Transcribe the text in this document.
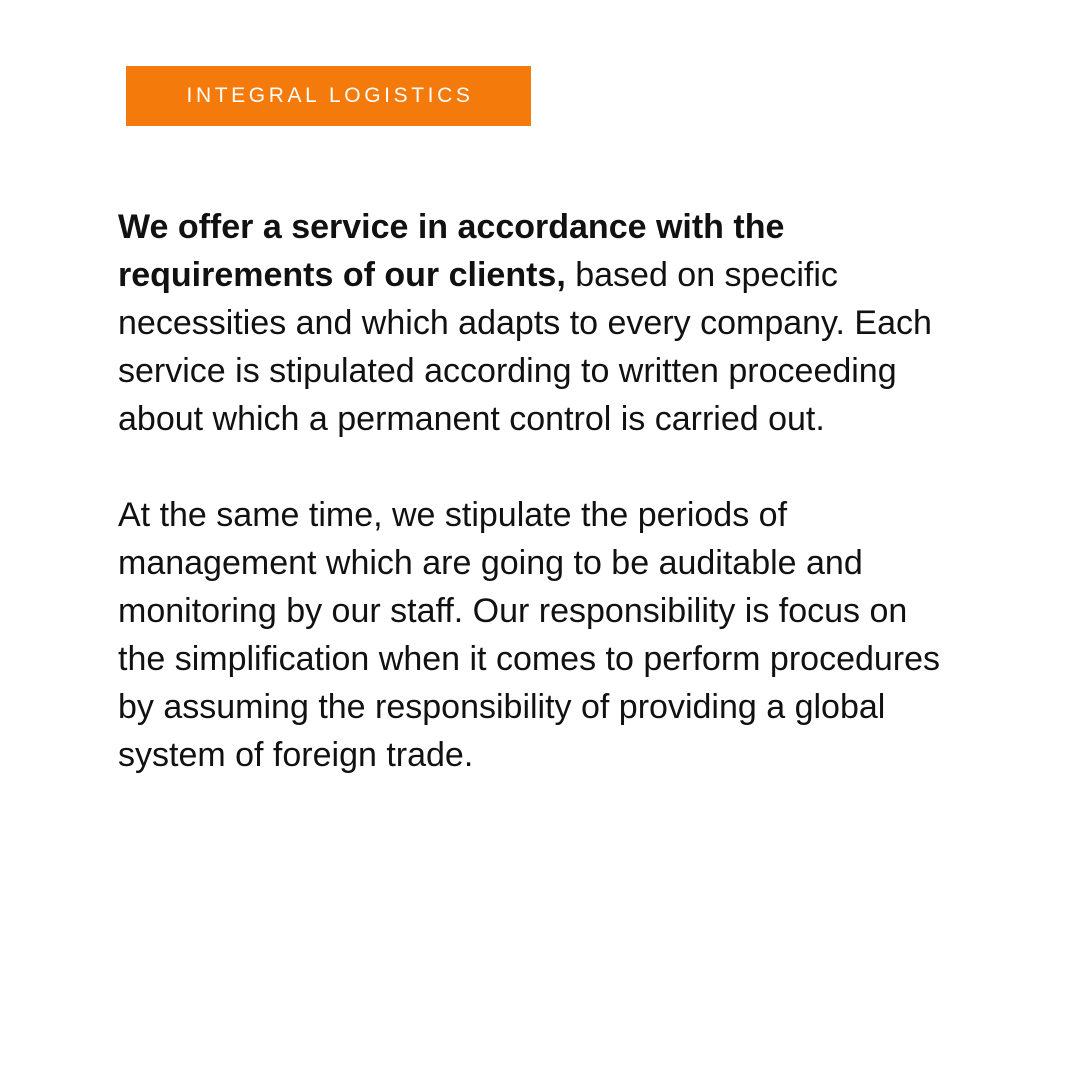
INTEGRAL LOGISTICS

We offer a service in accordance with the requirements of our clients, based on specific necessities and which adapts to every company. Each service is stipulated according to written proceeding about which a permanent control is carried out.

At the same time, we stipulate the periods of management which are going to be auditable and monitoring by our staff. Our responsibility is focus on the simplification when it comes to perform procedures by assuming the responsibility of providing a global system of foreign trade.
